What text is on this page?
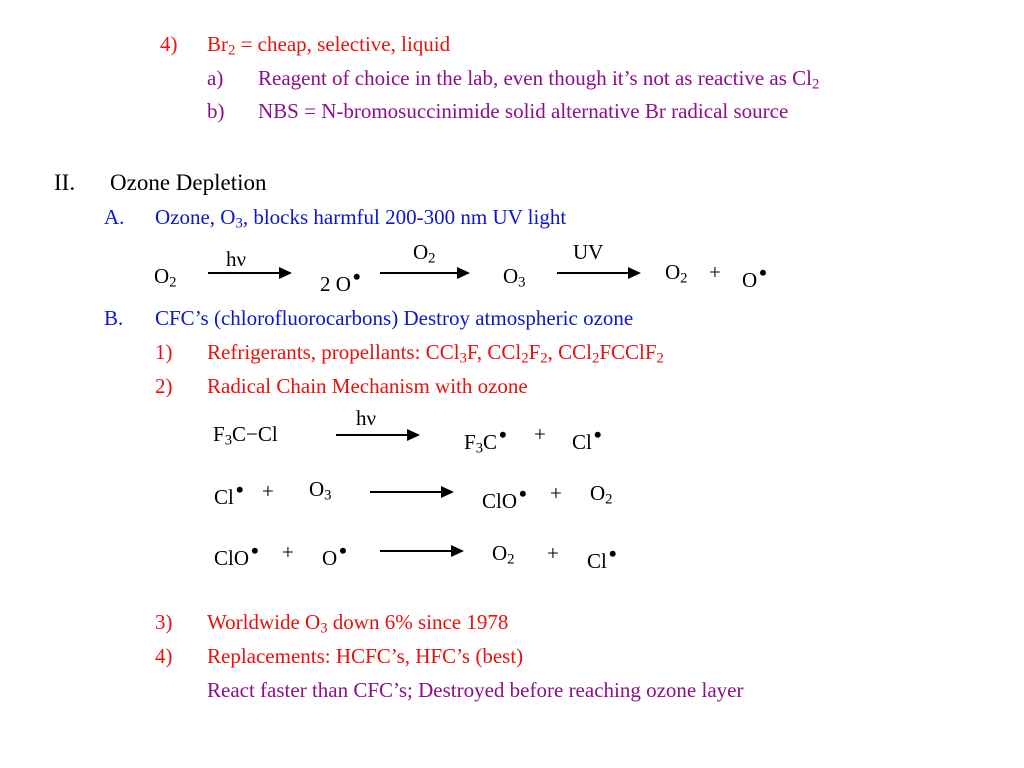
4) $Br_2$ = cheap, selective, liquid
a) Reagent of choice in the lab, even though it’s not as reactive as $Cl_2$
b) NBS = N-bromosuccinimide solid alternative Br radical source
II. Ozone Depletion
A. Ozone, $O_3$, blocks harmful 200-300 nm UV light
$O_2$
hν
2 O•
$O_2$
$O_3$
UV
$O_2$ + O•
B. CFC’s (chlorofluorocarbons) Destroy atmospheric ozone
1) Refrigerants, propellants: CCl$_3$F, $CCl_2F_2$, CCl$_2$FCClF$_2$
2) Radical Chain Mechanism with ozone
$F_3C-Cl$
hν
$F_3C•$ + Cl•
Cl• + $O_3$	ClO• + $O_2$
ClO• + O•	$O_2$ + Cl•
3) Worldwide $O_3$ down 6% since 1978
4) Replacements: HCFC’s, HFC’s (best)
React faster than CFC’s; Destroyed before reaching ozone layer
